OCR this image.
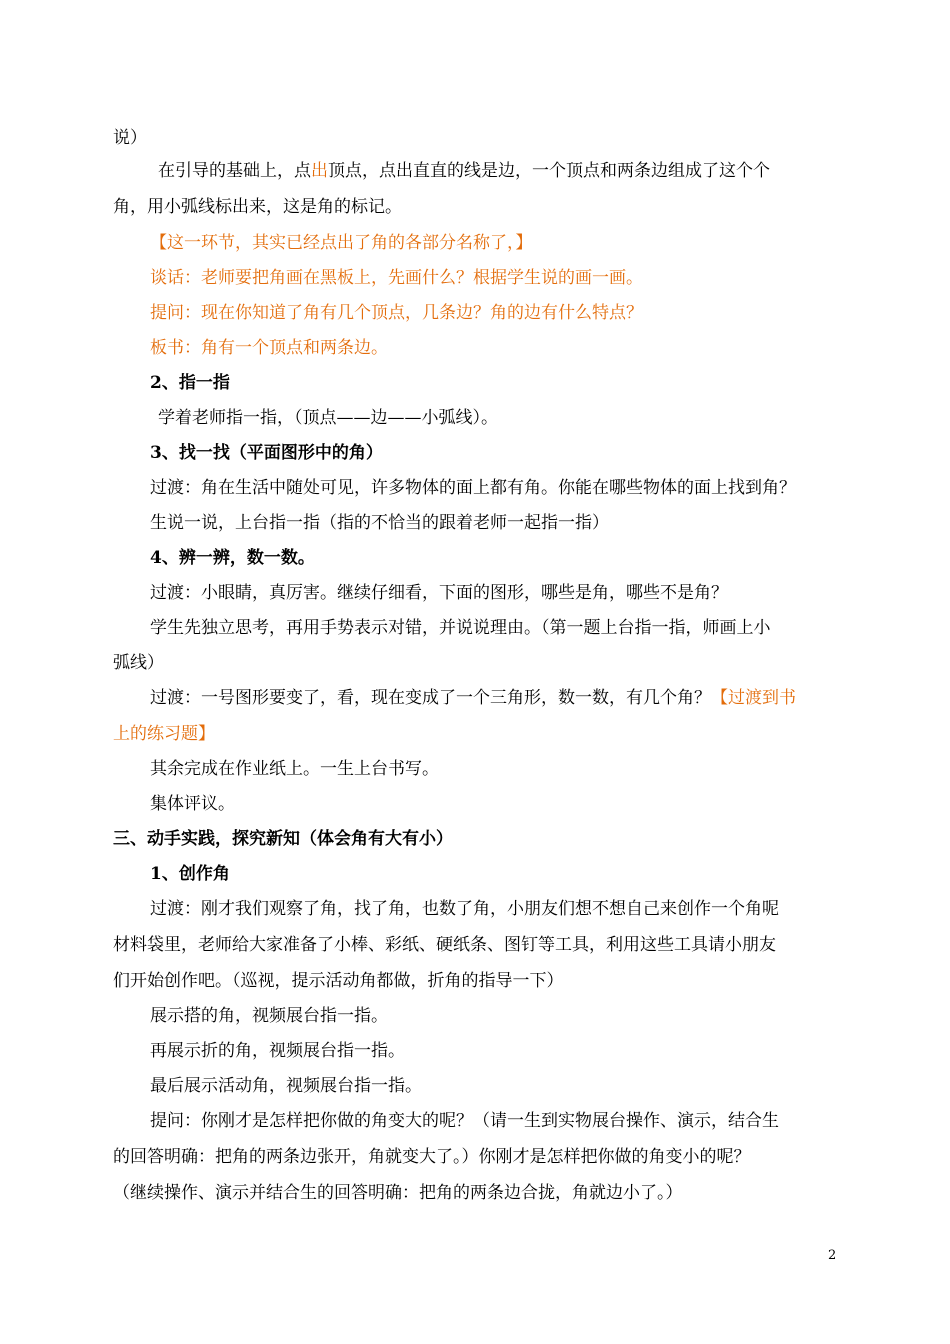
说）
在引导的基础上，点出顶点，点出直直的线是边，一个顶点和两条边组成了这个个
角，用小弧线标出来，这是角的标记。
【这一环节，其实已经点出了角的各部分名称了，】
谈话：老师要把角画在黑板上，先画什么？根据学生说的画一画。
提问：现在你知道了角有几个顶点，几条边？角的边有什么特点？
板书：角有一个顶点和两条边。
2、指一指
学着老师指一指，（顶点——边——小弧线）。
3、找一找（平面图形中的角）
过渡：角在生活中随处可见，许多物体的面上都有角。你能在哪些物体的面上找到角？
生说一说，上台指一指（指的不恰当的跟着老师一起指一指）
4、辨一辨，数一数。
过渡：小眼睛，真厉害。继续仔细看，下面的图形，哪些是角，哪些不是角？
学生先独立思考，再用手势表示对错，并说说理由。（第一题上台指一指，师画上小
弧线）
过渡：一号图形要变了，看，现在变成了一个三角形，数一数，有几个角？【过渡到书
上的练习题】
其余完成在作业纸上。一生上台书写。
集体评议。
三、动手实践，探究新知（体会角有大有小）
1、创作角
过渡：刚才我们观察了角，找了角，也数了角，小朋友们想不想自己来创作一个角呢
材料袋里，老师给大家准备了小棒、彩纸、硬纸条、图钉等工具，利用这些工具请小朋友
们开始创作吧。（巡视，提示活动角都做，折角的指导一下）
展示搭的角，视频展台指一指。
再展示折的角，视频展台指一指。
最后展示活动角，视频展台指一指。
提问：你刚才是怎样把你做的角变大的呢？（请一生到实物展台操作、演示，结合生
的回答明确：把角的两条边张开，角就变大了。）你刚才是怎样把你做的角变小的呢？
（继续操作、演示并结合生的回答明确：把角的两条边合拢，角就边小了。）
2
